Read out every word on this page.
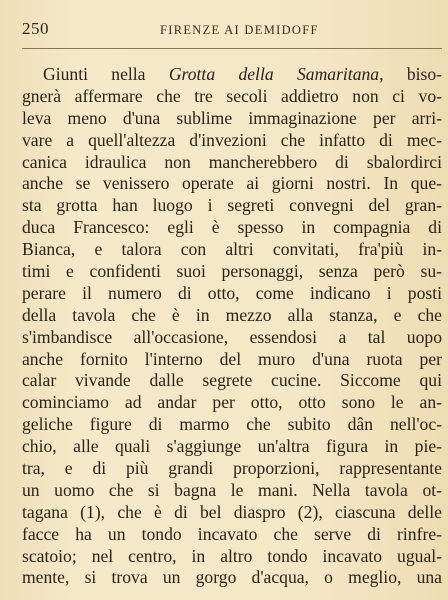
250	FIRENZE AI DEMIDOFF
Giunti nella Grotta della Samaritana, biso-
gnerà affermare che tre secoli addietro non ci vo-
leva meno d'una sublime immaginazione per arri-
vare a quell'altezza d'invezioni che infatto di mec-
canica idraulica non mancherebbero di sbalordirci
anche se venissero operate ai giorni nostri. In que-
sta grotta han luogo i segreti convegni del gran-
duca Francesco: egli è spesso in compagnia di
Bianca, e talora con altri convitati, fra'più in-
timi e confidenti suoi personaggi, senza però su-
perare il numero di otto, come indicano i posti
della tavola che è in mezzo alla stanza, e che
s'imbandisce all'occasione, essendosi a tal uopo
anche fornito l'interno del muro d'una ruota per
calar vivande dalle segrete cucine. Siccome qui
cominciamo ad andar per otto, otto sono le an-
geliche figure di marmo che subito dân nell'oc-
chio, alle quali s'aggiunge un'altra figura in pie-
tra, e di più grandi proporzioni, rappresentante
un uomo che si bagna le mani. Nella tavola ot-
tagana (1), che è di bel diaspro (2), ciascuna delle
facce ha un tondo incavato che serve di rinfre-
scatoio; nel centro, in altro tondo incavato ugual-
mente, si trova un gorgo d'acqua, o meglio, una
